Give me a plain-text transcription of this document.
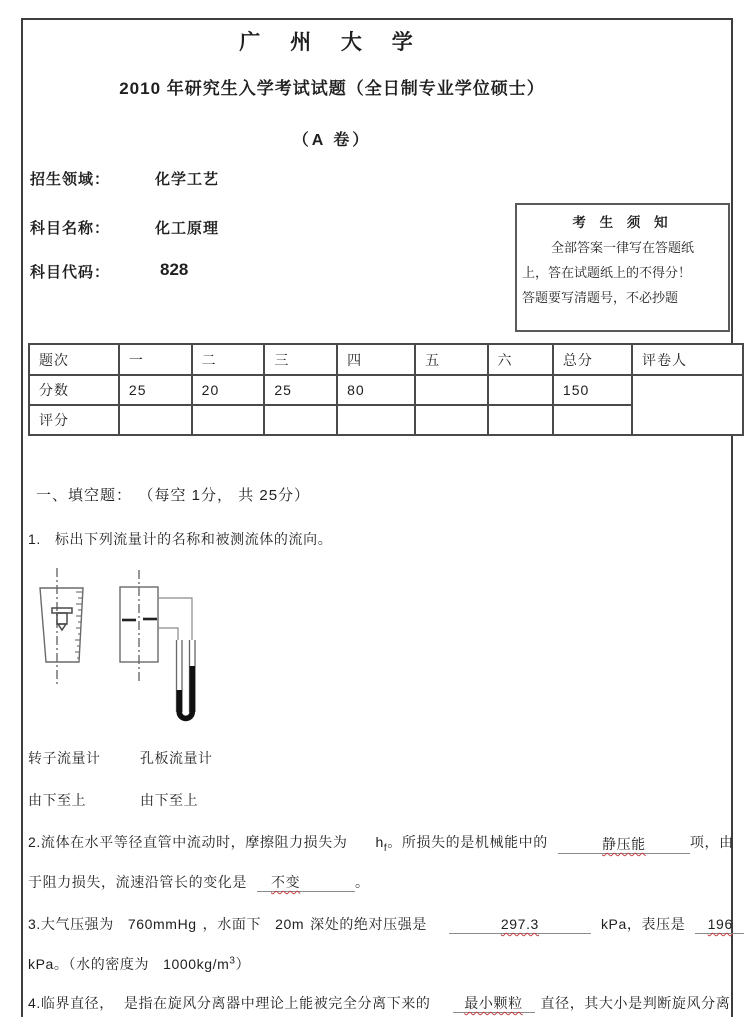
广 州 大 学
2010 年研究生入学考试试题（全日制专业学位硕士）
（A 卷）
招生领域：	化学工艺
科目名称：	化工原理
科目代码：	828
考 生 须 知
全部答案一律写在答题纸
上，答在试题纸上的不得分！
答题要写清题号，不必抄题
题次	一	二	三	四	五	六	总分	评卷人
分数	25	20	25	80			150	
评分								
一、填空题： （每空 1分， 共 25分）
1. 标出下列流量计的名称和被测流体的流向。
转子流量计	孔板流量计
由下至上	由下至上
2.流体在水平等径直管中流动时，摩擦阻力损失为 $h_f$。所损失的是机械能中的	静压能	项，由
于阻力损失，流速沿管长的变化是 不变	。
3.大气压强为 760mmHg ，水面下 20m 深处的绝对压强是	297.3	kPa，表压是 196
kPa。（水的密度为 $1000kg/m^3$）
4.临界直径， 是指在旋风分离器中理论上能被完全分离下来的 最小颗粒 直径，其大小是判断旋风分离
